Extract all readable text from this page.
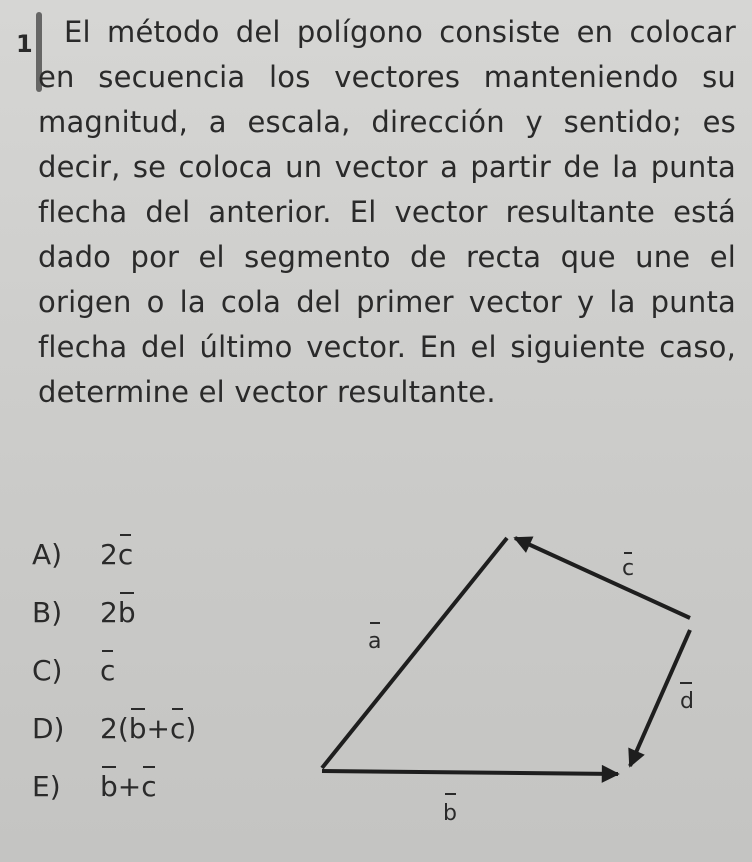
1	El método del polígono consiste en colocar en secuencia los vectores manteniendo su magnitud, a escala, dirección y sentido; es decir, se coloca un vector a partir de la punta flecha del anterior. El vector resultante está dado por el segmento de recta que une el origen o la cola del primer vector y la punta flecha del último vector. En el siguiente caso, determine el vector resultante.
A)	2 c
B)	2 b
C)	c
D)	2( b + c )
E)	b + c
c
a
d
b
